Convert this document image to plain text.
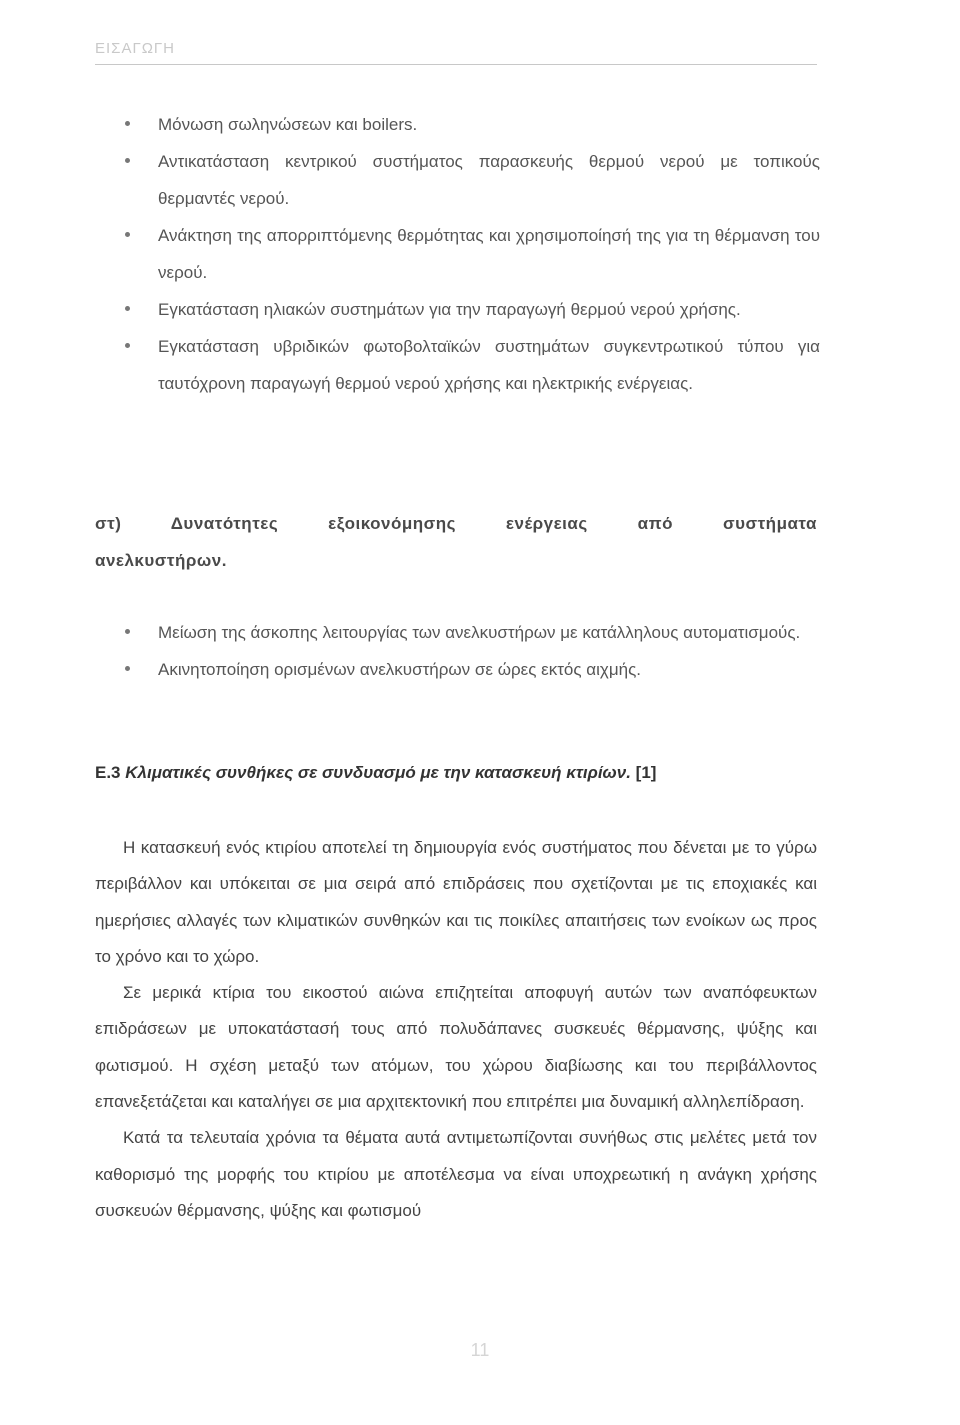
ΕΙΣΑΓΩΓΗ
Μόνωση σωληνώσεων και boilers.
Αντικατάσταση κεντρικού συστήματος παρασκευής θερμού νερού με τοπικούς θερμαντές νερού.
Ανάκτηση της απορριπτόμενης θερμότητας και χρησιμοποίησή της για τη θέρμανση του νερού.
Εγκατάσταση ηλιακών συστημάτων για την παραγωγή θερμού νερού χρήσης.
Εγκατάσταση υβριδικών φωτοβολταϊκών συστημάτων συγκεντρωτικού τύπου για ταυτόχρονη παραγωγή θερμού νερού χρήσης και ηλεκτρικής ενέργειας.
στ) Δυνατότητες εξοικονόμησης ενέργειας από συστήματα ανελκυστήρων.
Μείωση της άσκοπης λειτουργίας των ανελκυστήρων με κατάλληλους αυτοματισμούς.
Ακινητοποίηση ορισμένων ανελκυστήρων σε ώρες εκτός αιχμής.
Ε.3 Κλιματικές συνθήκες σε συνδυασμό με την κατασκευή κτιρίων. [1]

Η κατασκευή ενός κτιρίου αποτελεί τη δημιουργία ενός συστήματος που δένεται με το γύρω περιβάλλον και υπόκειται σε μια σειρά από επιδράσεις που σχετίζονται με τις εποχιακές και ημερήσιες αλλαγές των κλιματικών συνθηκών και τις ποικίλες απαιτήσεις των ενοίκων ως προς το χρόνο και το χώρο.

Σε μερικά κτίρια του εικοστού αιώνα επιζητείται αποφυγή αυτών των αναπόφευκτων επιδράσεων με υποκατάστασή τους από πολυδάπανες συσκευές θέρμανσης, ψύξης και φωτισμού. Η σχέση μεταξύ των ατόμων, του χώρου διαβίωσης και του περιβάλλοντος επανεξετάζεται και καταλήγει σε μια αρχιτεκτονική που επιτρέπει μια δυναμική αλληλεπίδραση.

Κατά τα τελευταία χρόνια τα θέματα αυτά αντιμετωπίζονται συνήθως στις μελέτες μετά τον καθορισμό της μορφής του κτιρίου με αποτέλεσμα να είναι υποχρεωτική η ανάγκη χρήσης συσκευών θέρμανσης, ψύξης και φωτισμού

11
